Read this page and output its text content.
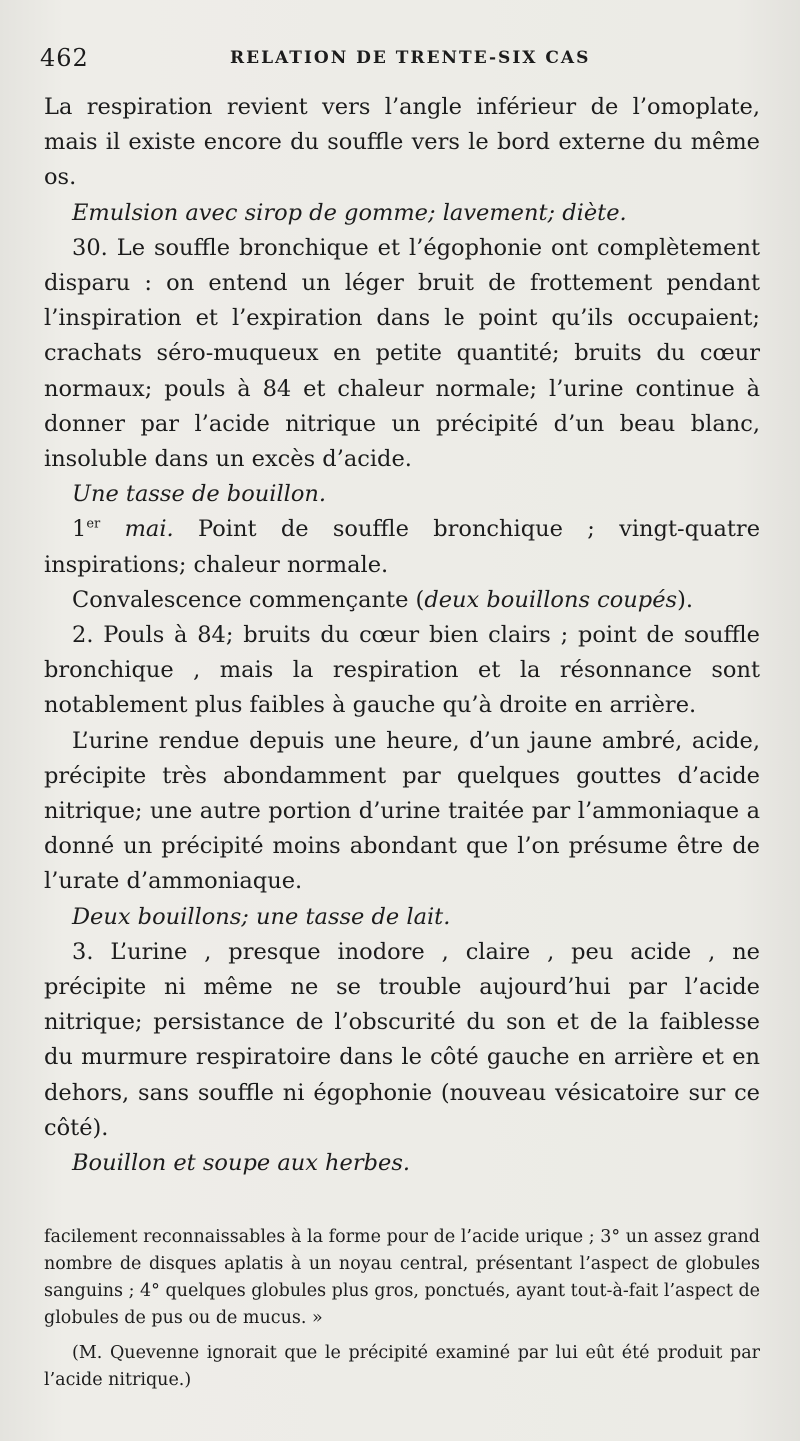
462	RELATION DE TRENTE-SIX CAS

La respiration revient vers l’angle inférieur de l’omoplate, mais il existe encore du souffle vers le bord externe du même os.

Emulsion avec sirop de gomme; lavement; diète.

30. Le souffle bronchique et l’égophonie ont complètement disparu : on entend un léger bruit de frottement pendant l’inspiration et l’expiration dans le point qu’ils occupaient; crachats séro-muqueux en petite quantité; bruits du cœur normaux; pouls à 84 et chaleur normale; l’urine continue à donner par l’acide nitrique un précipité d’un beau blanc, insoluble dans un excès d’acide.

Une tasse de bouillon.

1er mai. Point de souffle bronchique ; vingt-quatre inspirations; chaleur normale.

Convalescence commençante (deux bouillons coupés).

2. Pouls à 84; bruits du cœur bien clairs ; point de souffle bronchique , mais la respiration et la résonnance sont notablement plus faibles à gauche qu’à droite en arrière.

L’urine rendue depuis une heure, d’un jaune ambré, acide, précipite très abondamment par quelques gouttes d’acide nitrique; une autre portion d’urine traitée par l’ammoniaque a donné un précipité moins abondant que l’on présume être de l’urate d’ammoniaque.

Deux bouillons; une tasse de lait.

3. L’urine , presque inodore , claire , peu acide , ne précipite ni même ne se trouble aujourd’hui par l’acide nitrique; persistance de l’obscurité du son et de la faiblesse du murmure respiratoire dans le côté gauche en arrière et en dehors, sans souffle ni égophonie (nouveau vésicatoire sur ce côté).

Bouillon et soupe aux herbes.

facilement reconnaissables à la forme pour de l’acide urique ; 3° un assez grand nombre de disques aplatis à un noyau central, présentant l’aspect de globules sanguins ; 4° quelques globules plus gros, ponctués, ayant tout-à-fait l’aspect de globules de pus ou de mucus. »

(M. Quevenne ignorait que le précipité examiné par lui eût été produit par l’acide nitrique.)
